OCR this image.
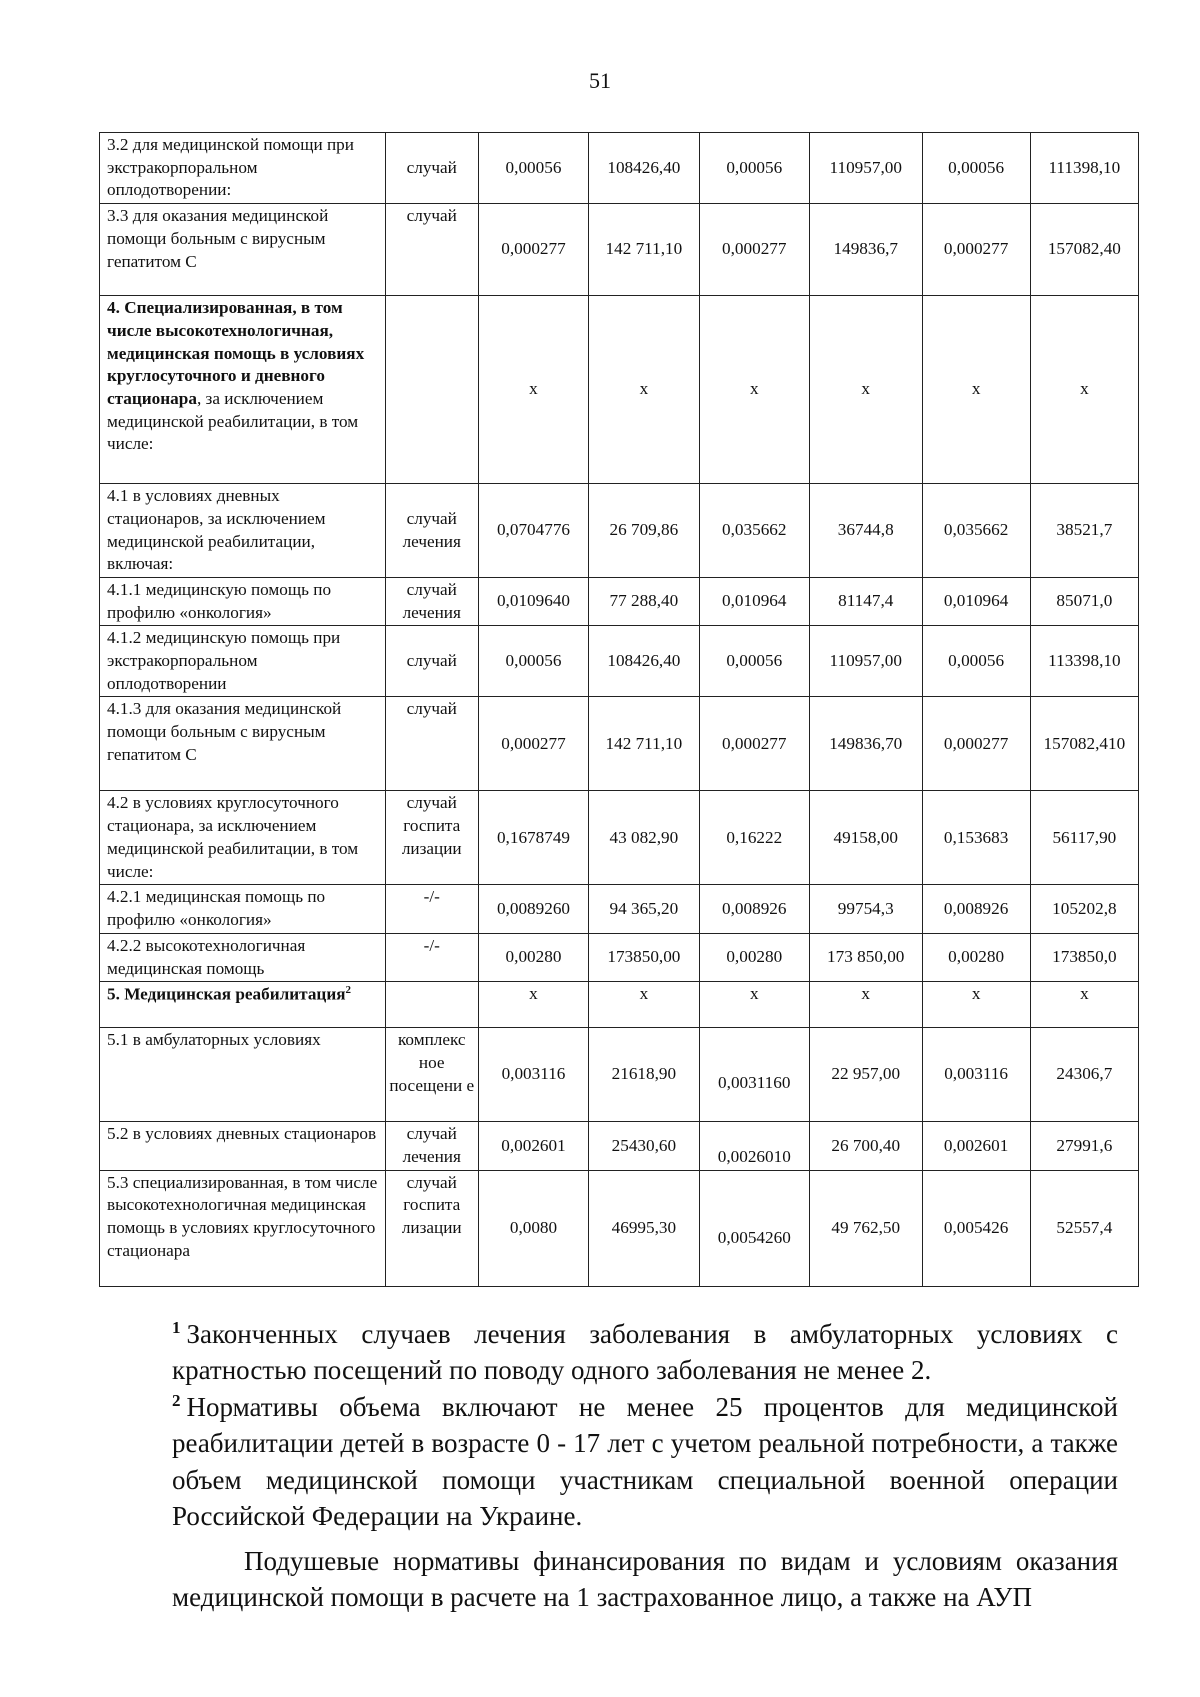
51
3.2 для медицинской помощи при экстракорпоральном оплодотворении:	случай	0,00056	108426,40	0,00056	110957,00	0,00056	111398,10
3.3 для оказания медицинской помощи больным с вирусным гепатитом С	случай	0,000277	142 711,10	0,000277	149836,7	0,000277	157082,40
4. Специализированная, в том числе высокотехнологичная, медицинская помощь в условиях круглосуточного и дневного стационара, за исключением медицинской реабилитации, в том числе:		х	х	х	х	х	х
4.1 в условиях дневных стационаров, за исключением медицинской реабилитации, включая:	случай лечения	0,0704776	26 709,86	0,035662	36744,8	0,035662	38521,7
4.1.1 медицинскую помощь по профилю «онкология»	случай лечения	0,0109640	77 288,40	0,010964	81147,4	0,010964	85071,0
4.1.2 медицинскую помощь при экстракорпоральном оплодотворении	случай	0,00056	108426,40	0,00056	110957,00	0,00056	113398,10
4.1.3 для оказания медицинской помощи больным с вирусным гепатитом С	случай	0,000277	142 711,10	0,000277	149836,70	0,000277	157082,410
4.2 в условиях круглосуточного стационара, за исключением медицинской реабилитации, в том числе:	случай госпита лизации	0,1678749	43 082,90	0,16222	49158,00	0,153683	56117,90
4.2.1 медицинская помощь по профилю «онкология»	-/-	0,0089260	94 365,20	0,008926	99754,3	0,008926	105202,8
4.2.2 высокотехнологичная медицинская помощь	-/-	0,00280	173850,00	0,00280	173 850,00	0,00280	173850,0
5. Медицинская реабилитация$^2$		х	х	х	х	х	х
5.1 в амбулаторных условиях	комплекс ное посещени е	0,003116	21618,90	0,0031160	22 957,00	0,003116	24306,7
5.2 в условиях дневных стационаров	случай лечения	0,002601	25430,60	0,0026010	26 700,40	0,002601	27991,6
5.3 специализированная, в том числе высокотехнологичная медицинская помощь в условиях круглосуточного стационара	случай госпита лизации	0,0080	46995,30	0,0054260	49 762,50	0,005426	52557,4

$^1$ Законченных случаев лечения заболевания в амбулаторных условиях с кратностью посещений по поводу одного заболевания не менее 2.

$^2$ Нормативы объема включают не менее 25 процентов для медицинской реабилитации детей в возрасте 0 - 17 лет с учетом реальной потребности, а также объем медицинской помощи участникам специальной военной операции Российской Федерации на Украине.

Подушевые нормативы финансирования по видам и условиям оказания медицинской помощи в расчете на 1 застрахованное лицо, а также на АУП
